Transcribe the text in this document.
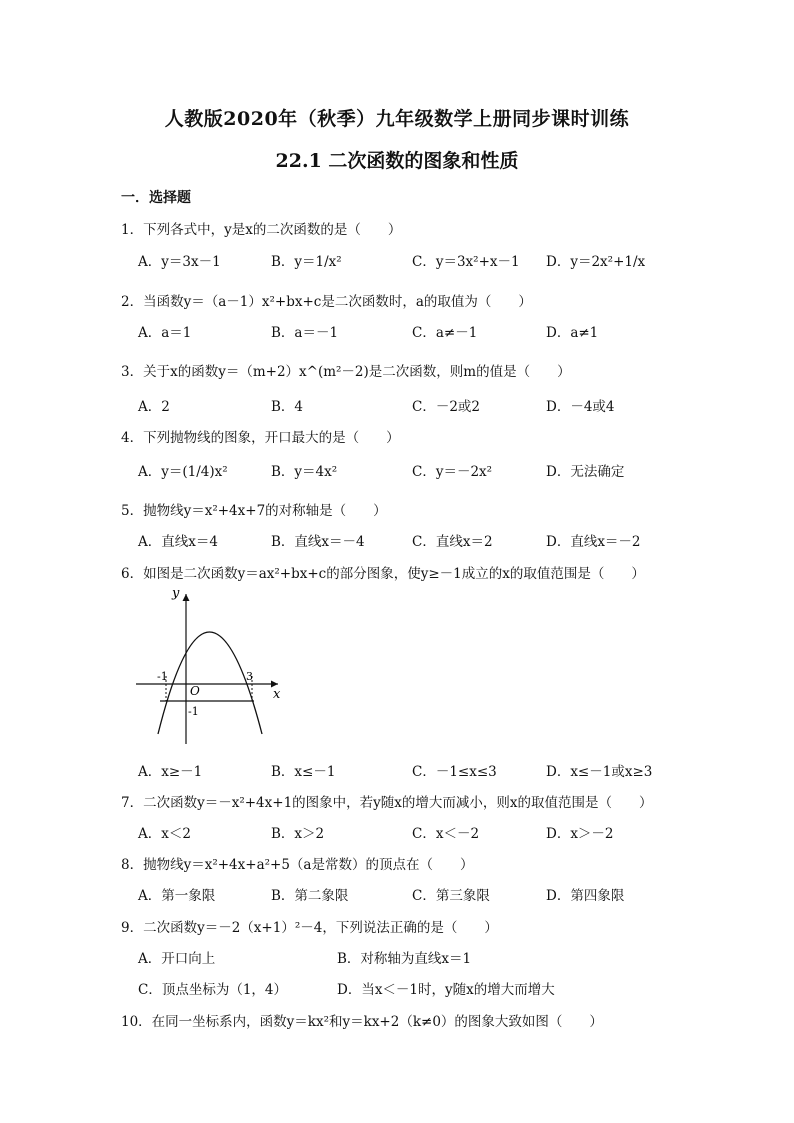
人教版2020年（秋季）九年级数学上册同步课时训练
22.1 二次函数的图象和性质
一．选择题
1．下列各式中，y是x的二次函数的是（　　）
A．y＝3x－1	B．y＝1/x²	C．y＝3x²+x－1 D．y＝2x²+1/x
2．当函数y＝（a－1）x²+bx+c是二次函数时，a的取值为（　　）
A．a＝1	B．a＝－1	C．a≠－1	D．a≠1
3．关于x的函数y＝（m+2）x^(m²－2)是二次函数，则m的值是（　　）
A．2	B．4	C．－2或2	D．－4或4
4．下列抛物线的图象，开口最大的是（　　）
A．y＝(1/4)x²	B．y＝4x²	C．y＝－2x²	D．无法确定
5．抛物线y＝x²+4x+7的对称轴是（　　）
A．直线x＝4	B．直线x＝－4	C．直线x＝2	D．直线x＝－2
6．如图是二次函数y＝ax²+bx+c的部分图象，使y≥－1成立的x的取值范围是（　　）
y
x
O
-1	3
-1
A．x≥－1	B．x≤－1	C．－1≤x≤3	D．x≤－1或x≥3
7．二次函数y＝－x²+4x+1的图象中，若y随x的增大而减小，则x的取值范围是（　　）
A．x＜2	B．x＞2	C．x＜－2	D．x＞－2
8．抛物线y＝x²+4x+a²+5（a是常数）的顶点在（　　）
A．第一象限	B．第二象限	C．第三象限	D．第四象限
9．二次函数y＝－2（x+1）²－4，下列说法正确的是（　　）
A．开口向上	B．对称轴为直线x＝1
C．顶点坐标为（1，4）	D．当x＜－1时，y随x的增大而增大
10．在同一坐标系内，函数y＝kx²和y＝kx+2（k≠0）的图象大致如图（　　）
